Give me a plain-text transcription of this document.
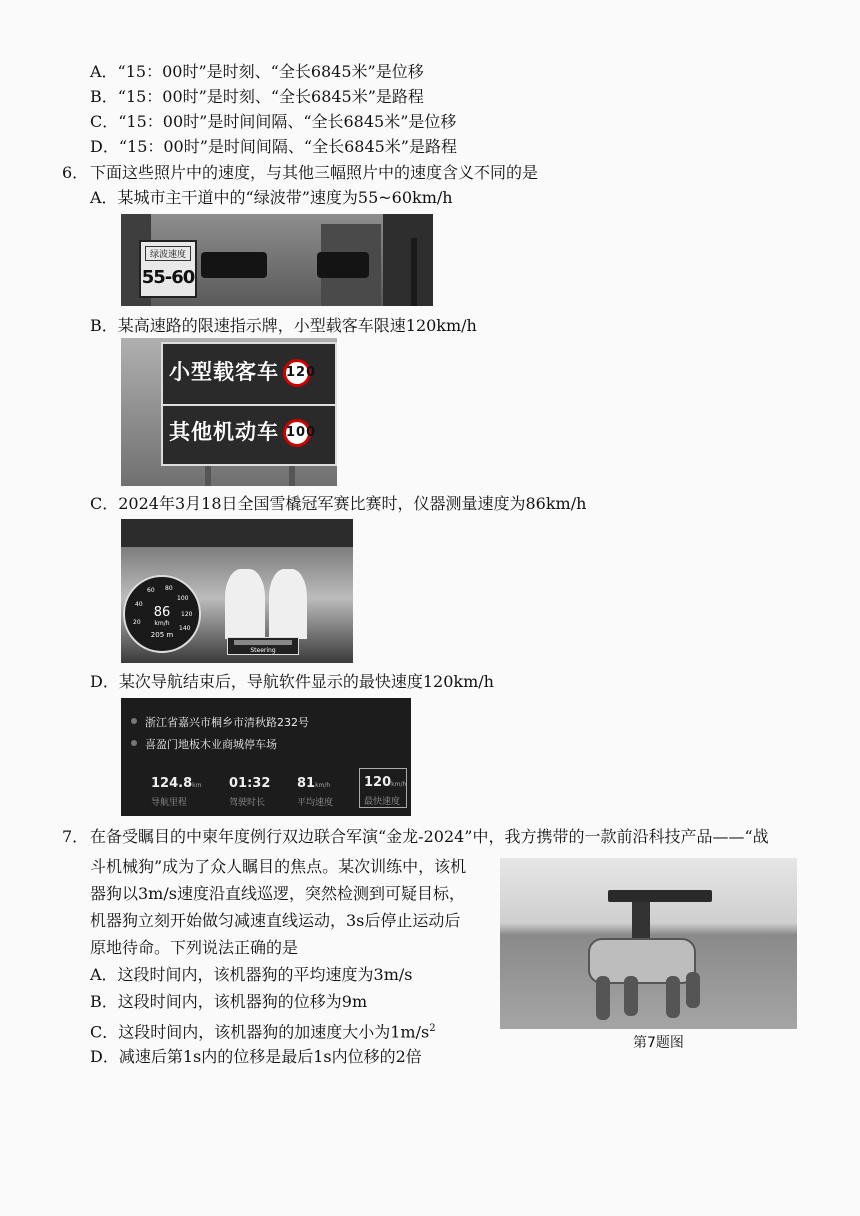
A．“15：00时”是时刻、“全长6845米”是位移
B．“15：00时”是时刻、“全长6845米”是路程
C．“15：00时”是时间间隔、“全长6845米”是位移
D．“15：00时”是时间间隔、“全长6845米”是路程
6． 下面这些照片中的速度，与其他三幅照片中的速度含义不同的是
A．某城市主干道中的“绿波带”速度为55~60km/h
绿波速度
55-60
B．某高速路的限速指示牌，小型载客车限速120km/h
小型载客车 120
其他机动车 100
C．2024年3月18日全国雪橇冠军赛比赛时，仪器测量速度为86km/h
20
40
60 80
100
120
140
86
km/h
205 m
Steering
D．某次导航结束后，导航软件显示的最快速度120km/h
浙江省嘉兴市桐乡市清秋路232号
喜盈门地板木业商城停车场
124.8km
导航里程
01:32
驾驶时长
81km/h
平均速度
120km/h
最快速度
7． 在备受瞩目的中柬年度例行双边联合军演“金龙-2024”中，我方携带的一款前沿科技产品——“战
斗机械狗”成为了众人瞩目的焦点。某次训练中，该机
器狗以3m/s速度沿直线巡逻，突然检测到可疑目标，
机器狗立刻开始做匀减速直线运动，3s后停止运动后
原地待命。下列说法正确的是
A．这段时间内，该机器狗的平均速度为3m/s
B．这段时间内，该机器狗的位移为9m
C．这段时间内，该机器狗的加速度大小为$1m/s^2$
D．减速后第1s内的位移是最后1s内位移的2倍
第7题图
